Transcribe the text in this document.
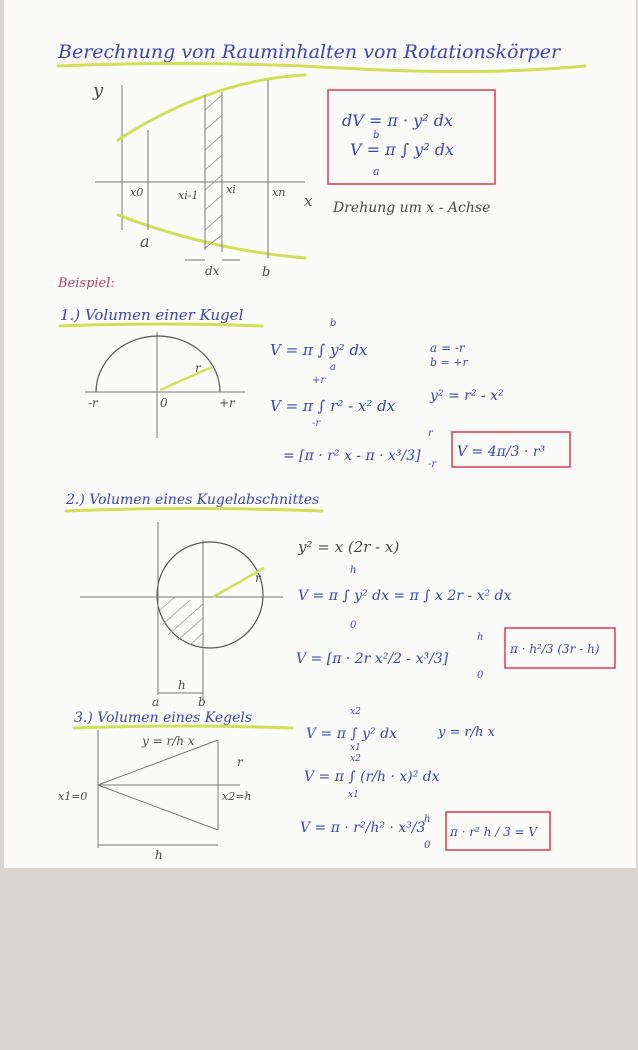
Berechnung von Rauminhalten von Rotationskörper
y
x
x0	xi-1	xi	xn
a
b
dx
dV = π · y² dx
V = π ∫ y² dx
b
a
Drehung um x - Achse
Beispiel:
1.) Volumen einer Kugel
-r	0	+r
r
V = π ∫ y² dx
b
a
a = -r
b = +r
V = π ∫ r² - x² dx
+r
-r
y² = r² - x²
= [π · r² x - π · x³/3]
r
-r
V = 4π/3 · r³
2.) Volumen eines Kugelabschnittes
r
h
a	b
y² = x (2r - x)
V = π ∫ y² dx = π ∫ x 2r - x² dx
h
0
V = [π · 2r x²/2 - x³/3]
h
0
π · h²/3 (3r - h)
3.) Volumen eines Kegels
y = r/h x
r
x1=0	x2=h
h
V = π ∫ y² dx
x2
x1
y = r/h x
V = π ∫ (r/h · x)² dx
x2
x1
V = π · r²/h² · x³/3
h
0
π · r² h / 3 = V
